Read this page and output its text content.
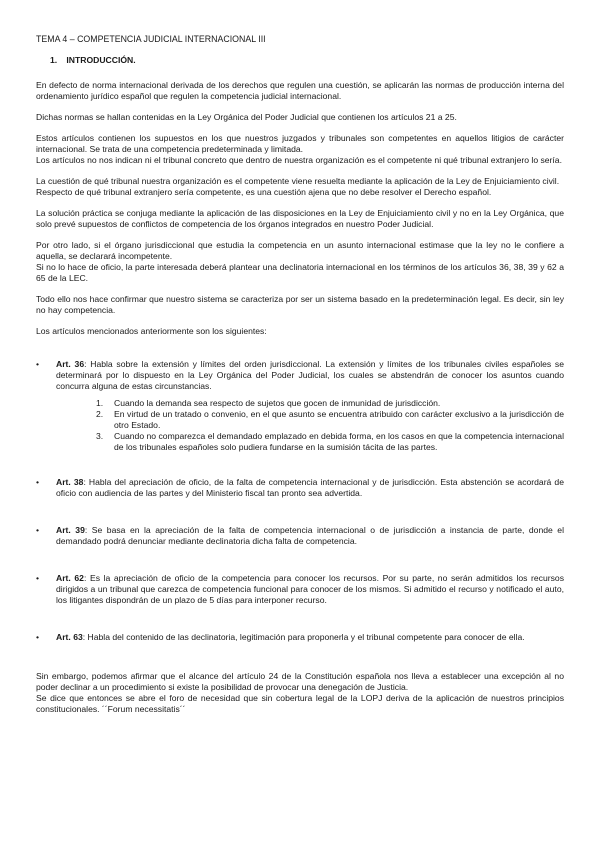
TEMA 4 – COMPETENCIA JUDICIAL INTERNACIONAL III
1. INTRODUCCIÓN.

En defecto de norma internacional derivada de los derechos que regulen una cuestión, se aplicarán las normas de producción interna del ordenamiento jurídico español que regulen la competencia judicial internacional.

Dichas normas se hallan contenidas en la Ley Orgánica del Poder Judicial que contienen los artículos 21 a 25.

Estos artículos contienen los supuestos en los que nuestros juzgados y tribunales son competentes en aquellos litigios de carácter internacional. Se trata de una competencia predeterminada y limitada.

Los artículos no nos indican ni el tribunal concreto que dentro de nuestra organización es el competente ni qué tribunal extranjero lo sería.

La cuestión de qué tribunal nuestra organización es el competente viene resuelta mediante la aplicación de la Ley de Enjuiciamiento civil.

Respecto de qué tribunal extranjero sería competente, es una cuestión ajena que no debe resolver el Derecho español.

La solución práctica se conjuga mediante la aplicación de las disposiciones en la Ley de Enjuiciamiento civil y no en la Ley Orgánica, que solo prevé supuestos de conflictos de competencia de los órganos integrados en nuestro Poder Judicial.

Por otro lado, si el órgano jurisdiccional que estudia la competencia en un asunto internacional estimase que la ley no le confiere a aquella, se declarará incompetente.

Si no lo hace de oficio, la parte interesada deberá plantear una declinatoria internacional en los términos de los artículos 36, 38, 39 y 62 a 65 de la LEC.

Todo ello nos hace confirmar que nuestro sistema se caracteriza por ser un sistema basado en la predeterminación legal. Es decir, sin ley no hay competencia.

Los artículos mencionados anteriormente son los siguientes:

• Art. 36: Habla sobre la extensión y límites del orden jurisdiccional. La extensión y límites de los tribunales civiles españoles se determinará por lo dispuesto en la Ley Orgánica del Poder Judicial, los cuales se abstendrán de conocer los asuntos cuando concurra alguna de estas circunstancias.
1. Cuando la demanda sea respecto de sujetos que gocen de inmunidad de jurisdicción.
2. En virtud de un tratado o convenio, en el que asunto se encuentra atribuido con carácter exclusivo a la jurisdicción de otro Estado.
3. Cuando no comparezca el demandado emplazado en debida forma, en los casos en que la competencia internacional de los tribunales españoles solo pudiera fundarse en la sumisión tácita de las partes.
• Art. 38: Habla del apreciación de oficio, de la falta de competencia internacional y de jurisdicción. Esta abstención se acordará de oficio con audiencia de las partes y del Ministerio fiscal tan pronto sea advertida.
• Art. 39: Se basa en la apreciación de la falta de competencia internacional o de jurisdicción a instancia de parte, donde el demandado podrá denunciar mediante declinatoria dicha falta de competencia.
• Art. 62: Es la apreciación de oficio de la competencia para conocer los recursos. Por su parte, no serán admitidos los recursos dirigidos a un tribunal que carezca de competencia funcional para conocer de los mismos. Si admitido el recurso y notificado el auto, los litigantes dispondrán de un plazo de 5 días para interponer recurso.
• Art. 63: Habla del contenido de las declinatoria, legitimación para proponerla y el tribunal competente para conocer de ella.

Sin embargo, podemos afirmar que el alcance del artículo 24 de la Constitución española nos lleva a establecer una excepción al no poder declinar a un procedimiento si existe la posibilidad de provocar una denegación de Justicia.

Se dice que entonces se abre el foro de necesidad que sin cobertura legal de la LOPJ deriva de la aplicación de nuestros principios constitucionales. ´´Forum necessitatis´´
